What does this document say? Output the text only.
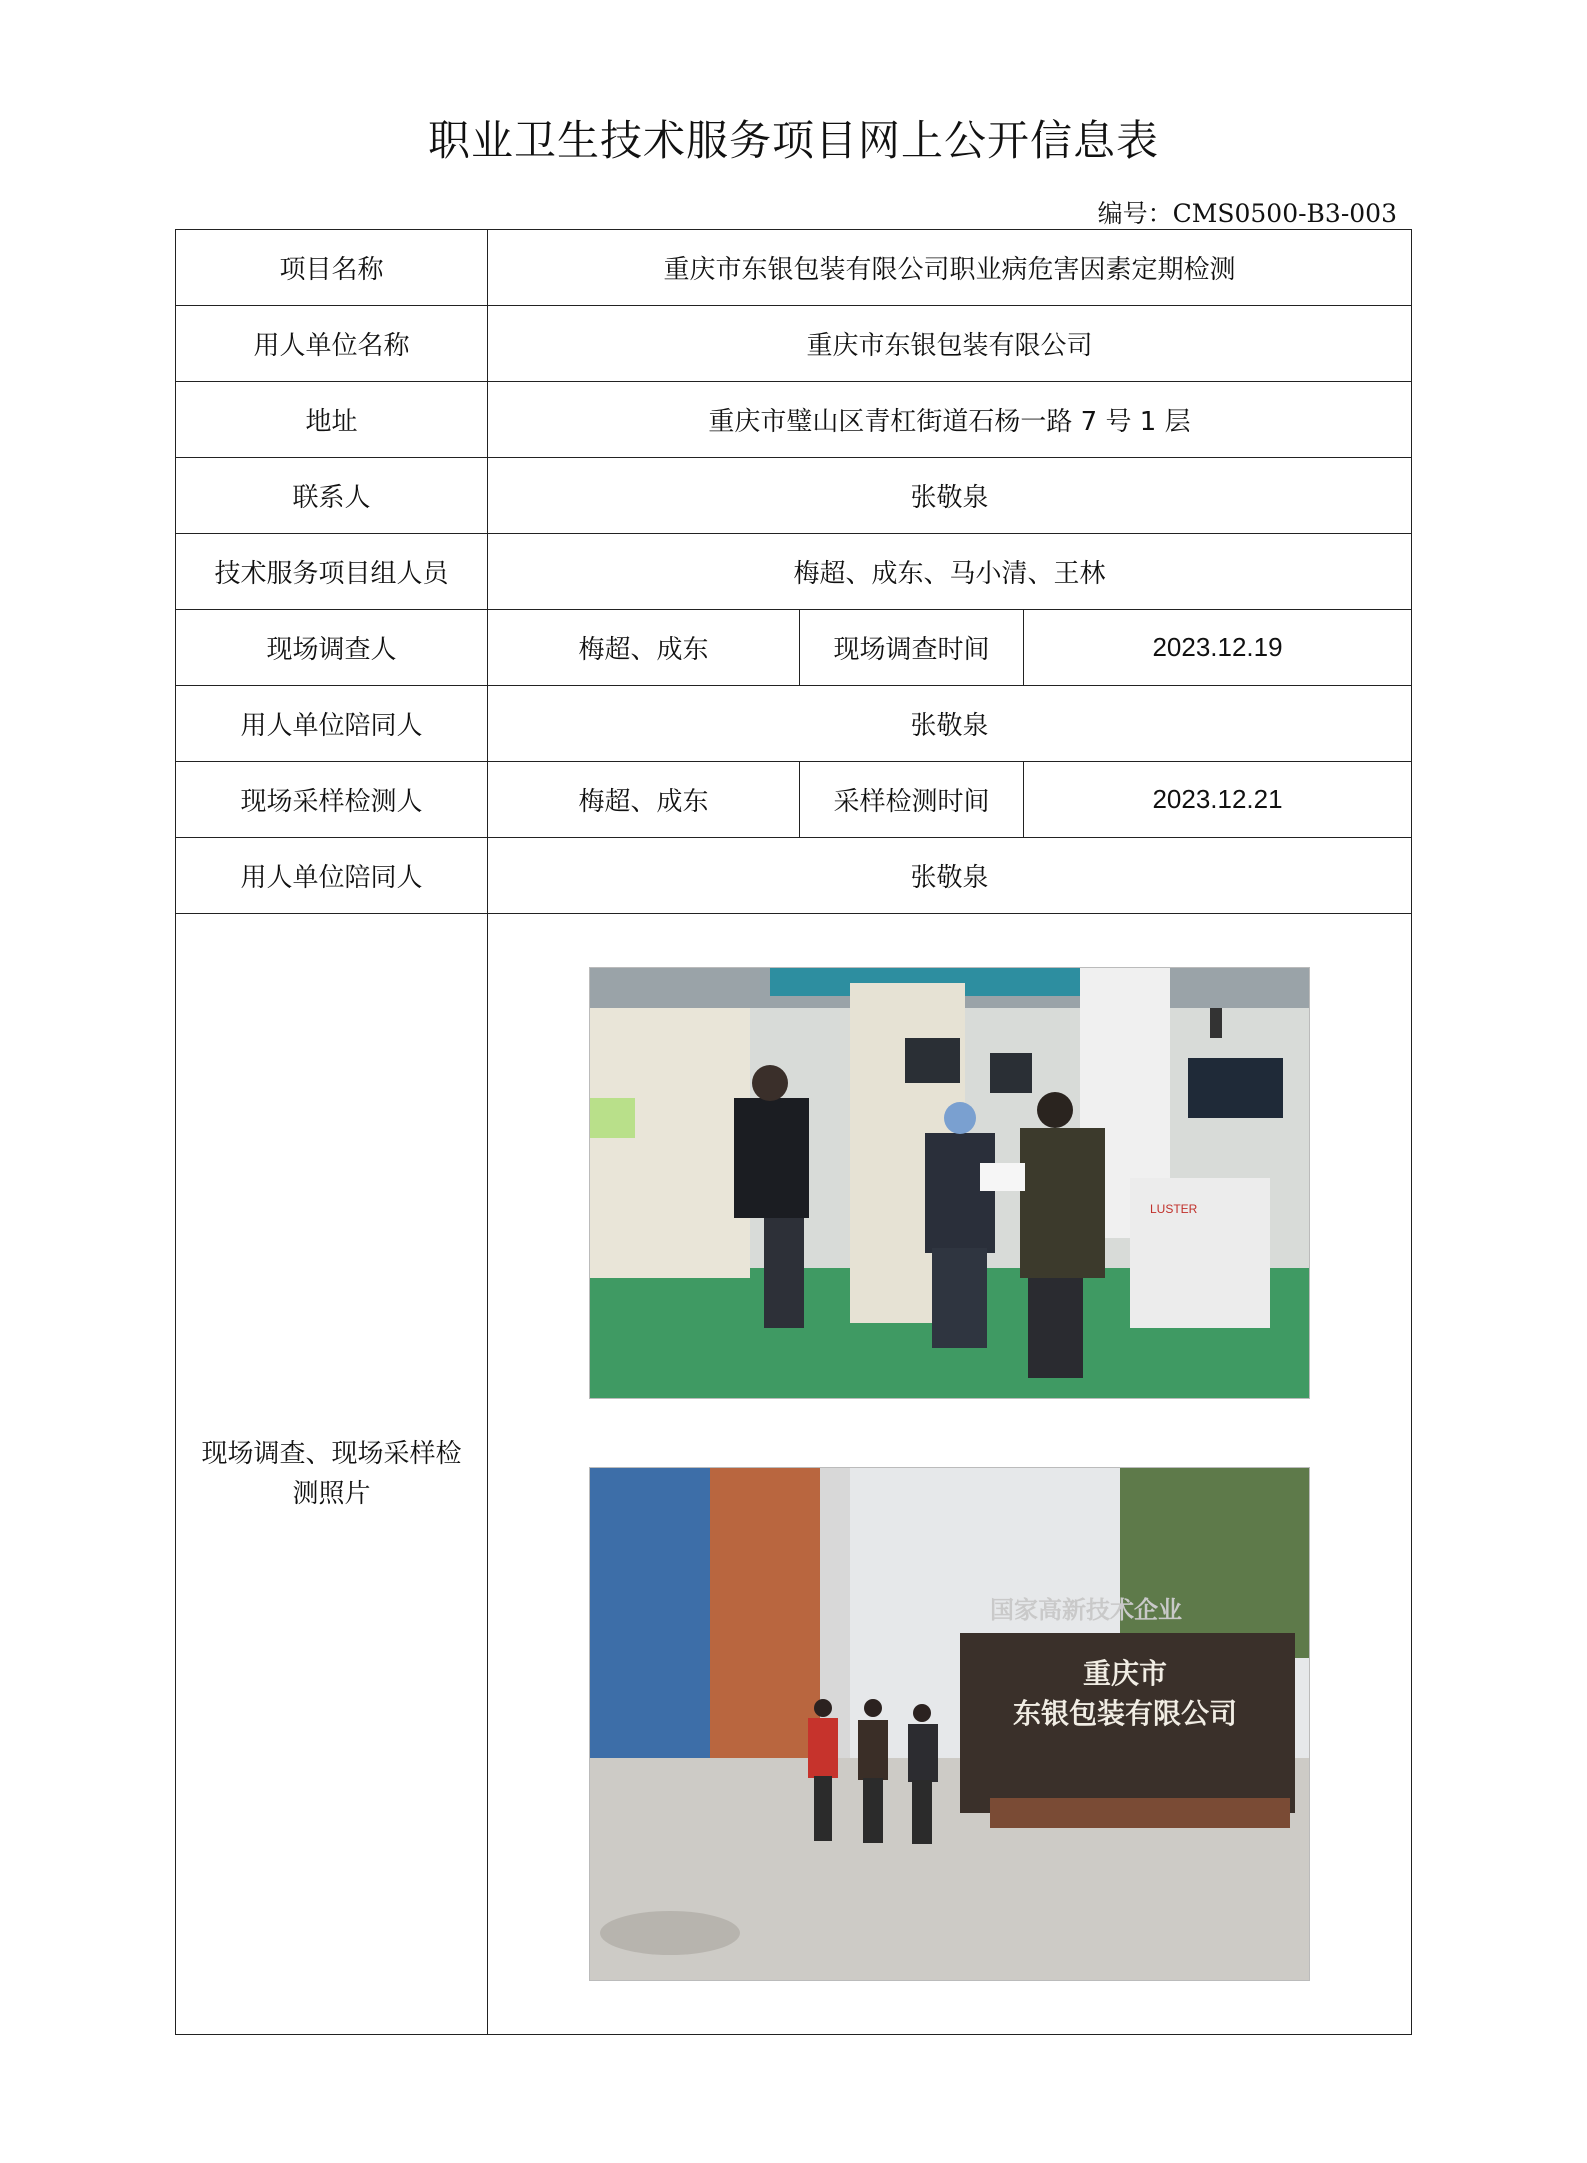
职业卫生技术服务项目网上公开信息表
编号：CMS0500-B3-003
项目名称	重庆市东银包装有限公司职业病危害因素定期检测		
用人单位名称	重庆市东银包装有限公司		
地址	重庆市璧山区青杠街道石杨一路 7 号 1 层		
联系人	张敬泉		
技术服务项目组人员	梅超、成东、马小清、王林		
现场调查人	梅超、成东	现场调查时间	2023.12.19
用人单位陪同人	张敬泉		
现场采样检测人	梅超、成东	采样检测时间	2023.12.21
用人单位陪同人	张敬泉		
现场调查、现场采样检测照片	LUSTER
国家高新技术企业
重庆市
东银包装有限公司		
